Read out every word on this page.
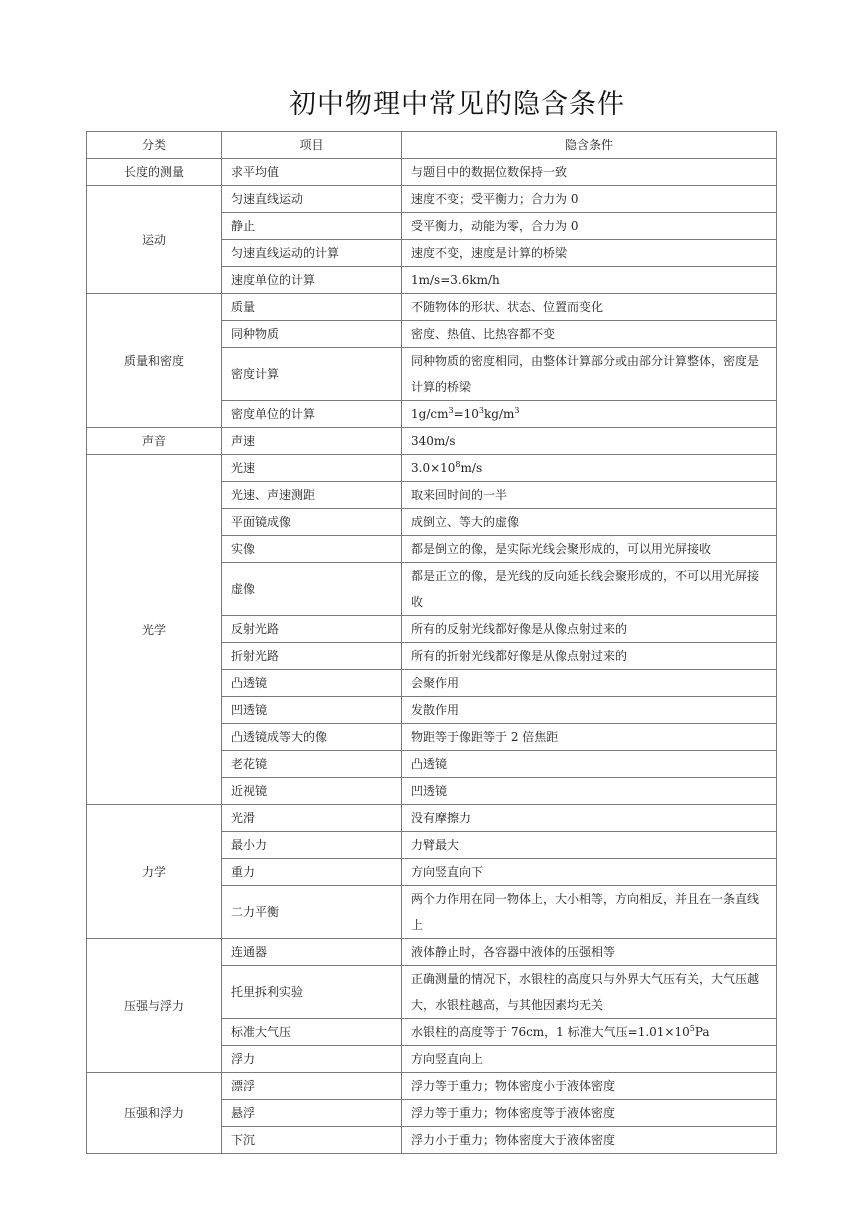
初中物理中常见的隐含条件
分类	项目	隐含条件
长度的测量	求平均值	与题目中的数据位数保持一致
运动	匀速直线运动	速度不变；受平衡力；合力为 0
	静止	受平衡力，动能为零，合力为 0
	匀速直线运动的计算	速度不变，速度是计算的桥梁
	速度单位的计算	1m/s=3.6km/h
质量和密度	质量	不随物体的形状、状态、位置而变化
	同种物质	密度、热值、比热容都不变
	密度计算	同种物质的密度相同，由整体计算部分或由部分计算整体，密度是计算的桥梁
	密度单位的计算	$1g/cm^3=10^3kg/m^3$
声音	声速	340m/s
光学	光速	$3.0\times 10^8m/s$
	光速、声速测距	取来回时间的一半
	平面镜成像	成倒立、等大的虚像
	实像	都是倒立的像，是实际光线会聚形成的，可以用光屏接收
	虚像	都是正立的像，是光线的反向延长线会聚形成的，不可以用光屏接收
	反射光路	所有的反射光线都好像是从像点射过来的
	折射光路	所有的折射光线都好像是从像点射过来的
	凸透镜	会聚作用
	凹透镜	发散作用
	凸透镜成等大的像	物距等于像距等于 2 倍焦距
	老花镜	凸透镜
	近视镜	凹透镜
力学	光滑	没有摩擦力
	最小力	力臂最大
	重力	方向竖直向下
	二力平衡	两个力作用在同一物体上，大小相等，方向相反，并且在一条直线上
压强与浮力	连通器	液体静止时，各容器中液体的压强相等
	托里拆利实验	正确测量的情况下，水银柱的高度只与外界大气压有关，大气压越大，水银柱越高，与其他因素均无关
	标准大气压	水银柱的高度等于 76cm，1 标准大气压$=1.01\times 10^5Pa$
	浮力	方向竖直向上
压强和浮力	漂浮	浮力等于重力；物体密度小于液体密度
	悬浮	浮力等于重力；物体密度等于液体密度
	下沉	浮力小于重力；物体密度大于液体密度
